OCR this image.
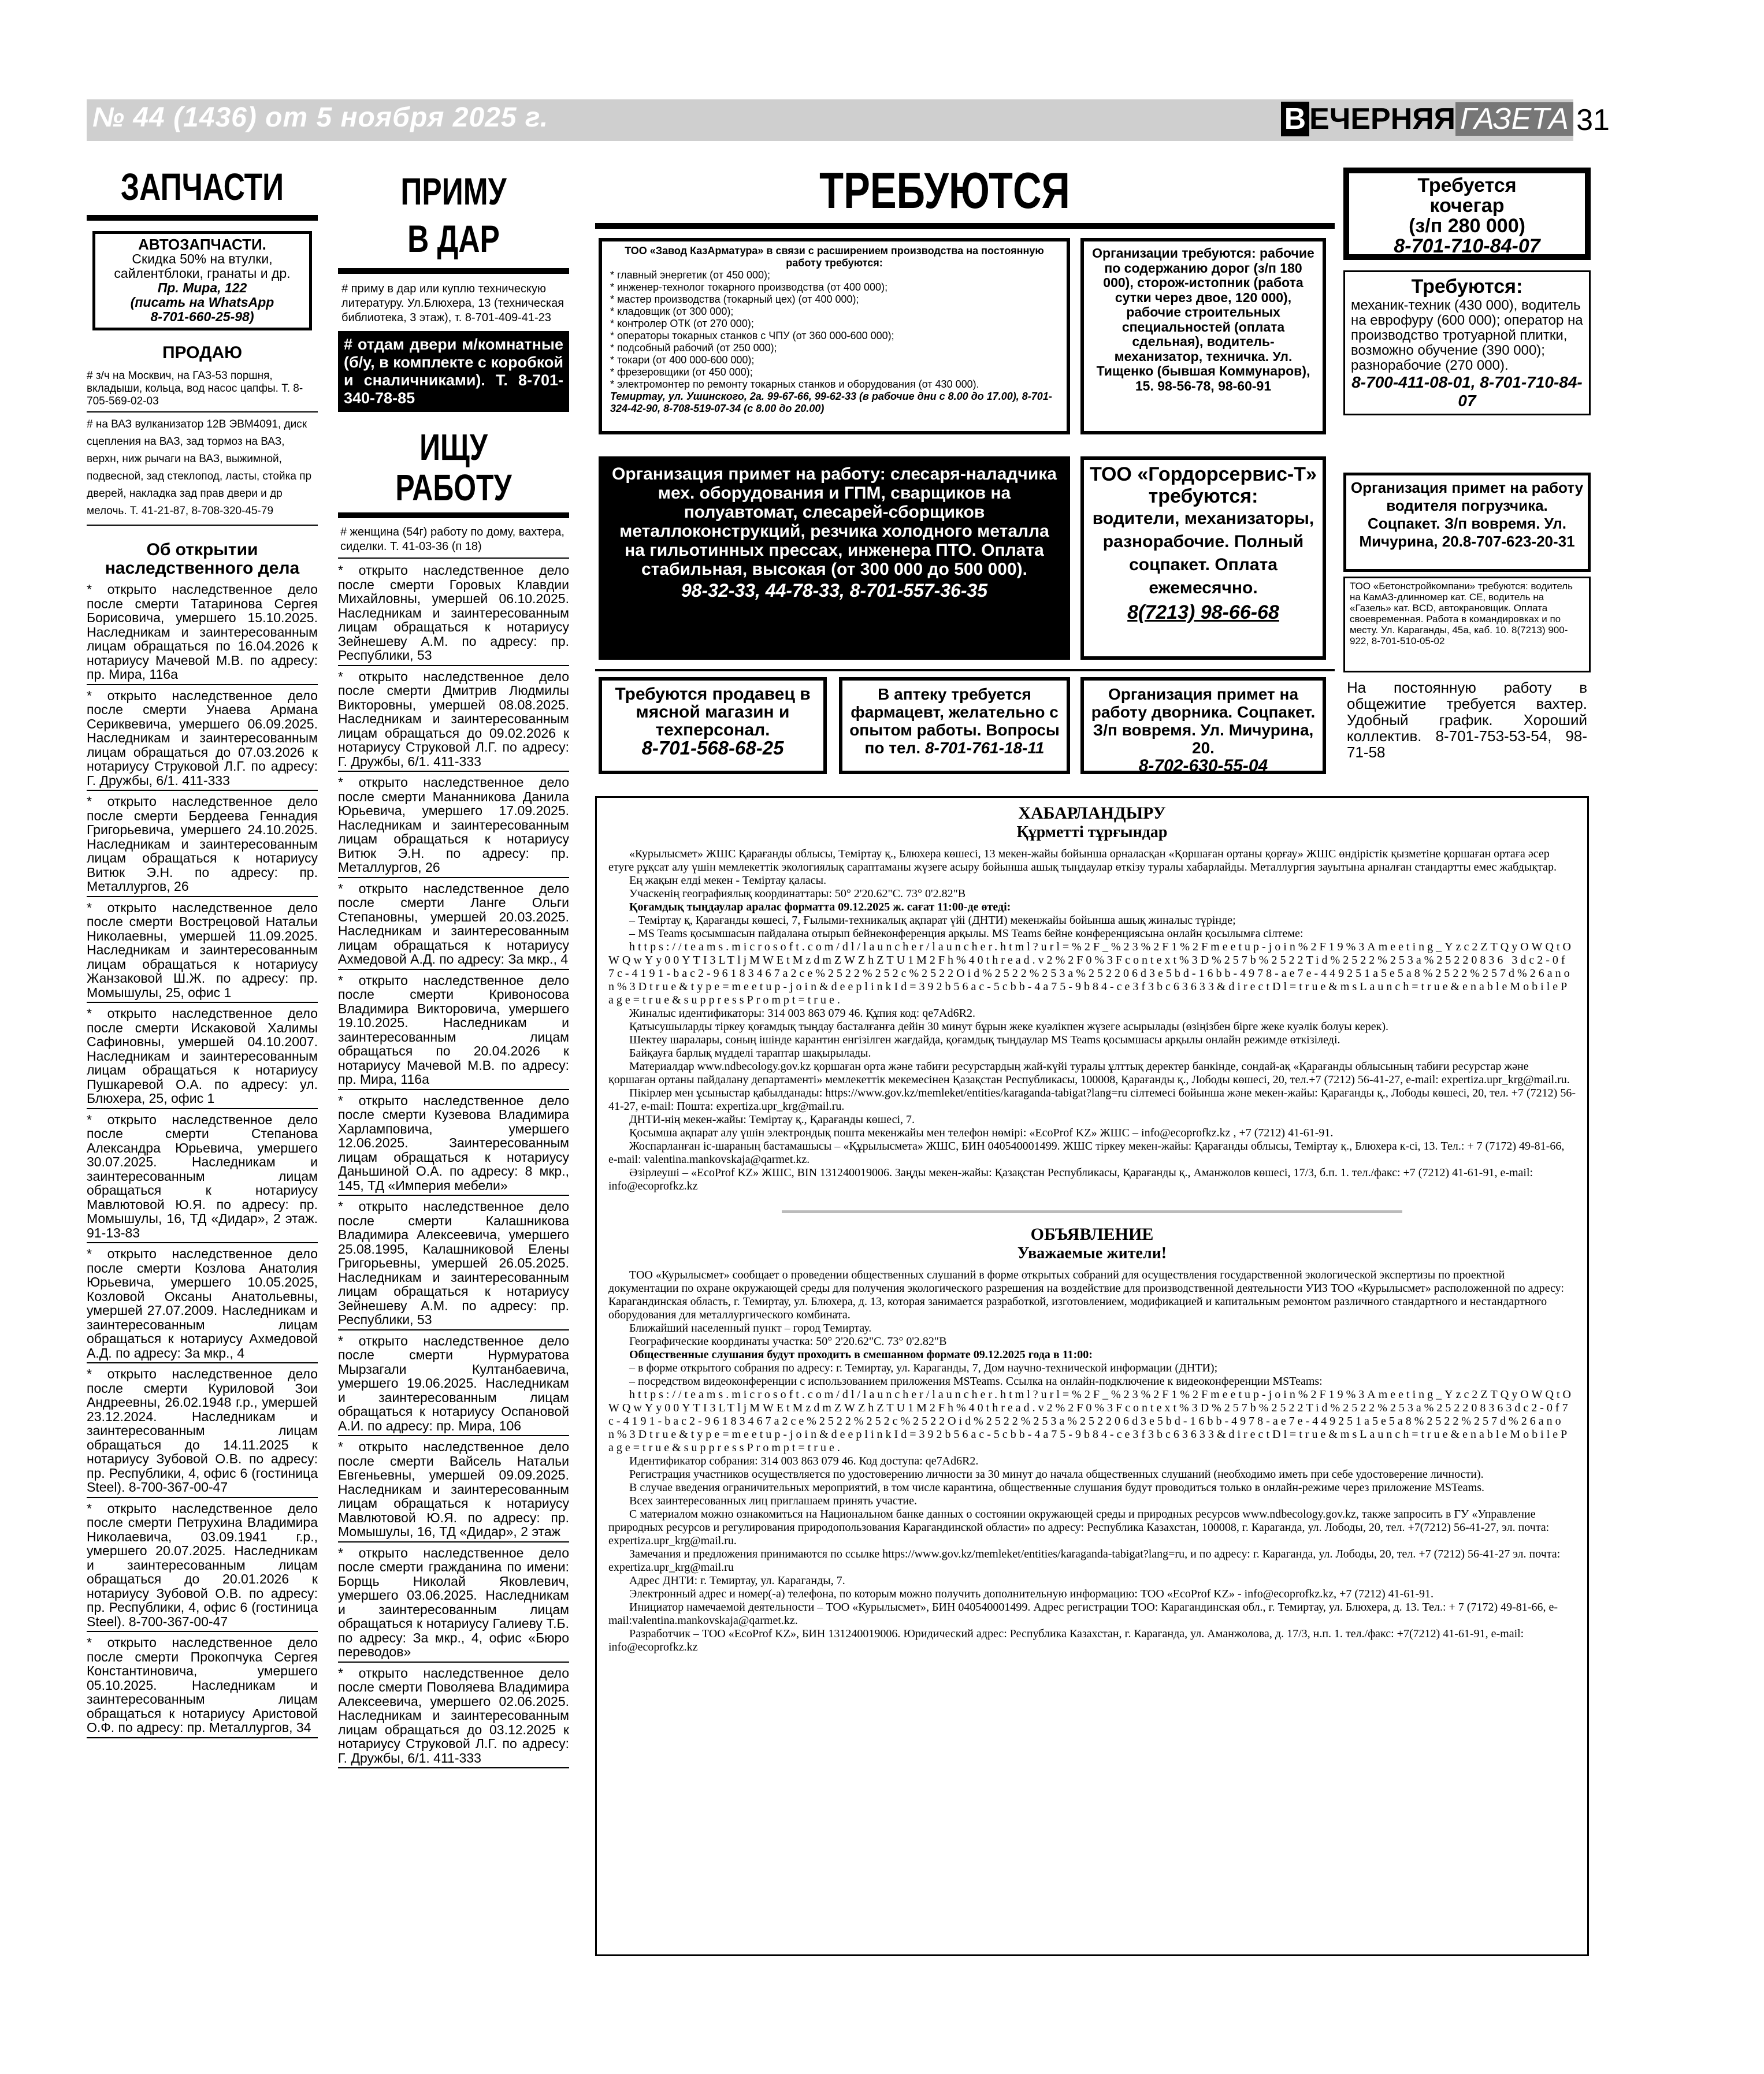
№ 44 (1436) от 5 ноября 2025 г.	В ЕЧЕРНЯЯ ГАЗЕТА 31
ЗАПЧАСТИ
АВТОЗАПЧАСТИ.
Скидка 50% на втулки,
сайлентблоки, гранаты и др.
Пр. Мира, 122
(писать на WhatsApp
8-701-660-25-98)
ПРОДАЮ
# з/ч на Москвич, на ГАЗ-53 поршня, вкладыши, кольца, вод насос цапфы. Т. 8-705-569-02-03
# на ВАЗ вулканизатор 12В ЭВМ4091, диск сцепления на ВАЗ, зад тормоз на ВАЗ, верхн, ниж рычаги на ВАЗ, выжимной, подвесной, зад стеклопод, ласты, стойка пр дверей, накладка зад прав двери и др мелочь. Т. 41-21-87, 8-708-320-45-79
Об открытии наследственного дела
* открыто наследственное дело после смерти Татаринова Сергея Борисовича, умершего 15.10.2025. Наследникам и заинтересованным лицам обращаться по 16.04.2026 к нотариусу Мачевой М.В. по адресу: пр. Мира, 116а
* открыто наследственное дело после смерти Унаева Армана Сериквевича, умершего 06.09.2025. Наследникам и заинтересованным лицам обращаться до 07.03.2026 к нотариусу Струковой Л.Г. по адресу: Г. Дружбы, 6/1. 411-333
* открыто наследственное дело после смерти Бердеева Геннадия Григорьевича, умершего 24.10.2025. Наследникам и заинтересованным лицам обращаться к нотариусу Витюк Э.Н. по адресу: пр. Металлургов, 26
* открыто наследственное дело после смерти Вострецовой Натальи Николаевны, умершей 11.09.2025. Наследникам и заинтересованным лицам обращаться к нотариусу Жанзаковой Ш.Ж. по адресу: пр. Момышулы, 25, офис 1
* открыто наследственное дело после смерти Искаковой Халимы Сафиновны, умершей 04.10.2007. Наследникам и заинтересованным лицам обращаться к нотариусу Пушкаревой О.А. по адресу: ул. Блюхера, 25, офис 1
* открыто наследственное дело после смерти Степанова Александра Юрьевича, умершего 30.07.2025. Наследникам и заинтересованным лицам обращаться к нотариусу Мавлютовой Ю.Я. по адресу: пр. Момышулы, 16, ТД «Дидар», 2 этаж. 91-13-83
* открыто наследственное дело после смерти Козлова Анатолия Юрьевича, умершего 10.05.2025, Козловой Оксаны Анатольевны, умершей 27.07.2009. Наследникам и заинтересованным лицам обращаться к нотариусу Ахмедовой А.Д. по адресу: За мкр., 4
* открыто наследственное дело после смерти Куриловой Зои Андреевны, 26.02.1948 г.р., умершей 23.12.2024. Наследникам и заинтересованным лицам обращаться до 14.11.2025 к нотариусу Зубовой О.В. по адресу: пр. Республики, 4, офис 6 (гостиница Steel). 8-700-367-00-47
* открыто наследственное дело после смерти Петрухина Владимира Николаевича, 03.09.1941 г.р., умершего 20.07.2025. Наследникам и заинтересованным лицам обращаться до 20.01.2026 к нотариусу Зубовой О.В. по адресу: пр. Республики, 4, офис 6 (гостиница Steel). 8-700-367-00-47
* открыто наследственное дело после смерти Прокопчука Сергея Константиновича, умершего 05.10.2025. Наследникам и заинтересованным лицам обращаться к нотариусу Аристовой О.Ф. по адресу: пр. Металлургов, 34
ПРИМУ
В ДАР
# приму в дар или куплю техническую литературу. Ул.Блюхера, 13 (техническая библиотека, 3 этаж), т. 8-701-409-41-23
# отдам двери м/комнатные (б/у, в комплекте с коробкой и сналичниками). Т. 8-701-340-78-85
ИЩУ РАБОТУ
# женщина (54г) работу по дому, вахтера, сиделки. Т. 41-03-36 (п 18)
* открыто наследственное дело после смерти Горовых Клавдии Михайловны, умершей 06.10.2025. Наследникам и заинтересованным лицам обращаться к нотариусу Зейнешеву А.М. по адресу: пр. Республики, 53
* открыто наследственное дело после смерти Дмитрив Людмилы Викторовны, умершей 08.08.2025. Наследникам и заинтересованным лицам обращаться до 09.02.2026 к нотариусу Струковой Л.Г. по адресу: Г. Дружбы, 6/1. 411-333
* открыто наследственное дело после смерти Мананникова Данила Юрьевича, умершего 17.09.2025. Наследникам и заинтересованным лицам обращаться к нотариусу Витюк Э.Н. по адресу: пр. Металлургов, 26
* открыто наследственное дело после смерти Ланге Ольги Степановны, умершей 20.03.2025. Наследникам и заинтересованным лицам обращаться к нотариусу Ахмедовой А.Д. по адресу: За мкр., 4
* открыто наследственное дело после смерти Кривоносова Владимира Викторовича, умершего 19.10.2025. Наследникам и заинтересованным лицам обращаться по 20.04.2026 к нотариусу Мачевой М.В. по адресу: пр. Мира, 116а
* открыто наследственное дело после смерти Кузевова Владимира Харламповича, умершего 12.06.2025. Заинтересованным лицам обращаться к нотариусу Даньшиной О.А. по адресу: 8 мкр., 145, ТД «Империя мебели»
* открыто наследственное дело после смерти Калашникова Владимира Алексеевича, умершего 25.08.1995, Калашниковой Елены Григорьевны, умершей 26.05.2025. Наследникам и заинтересованным лицам обращаться к нотариусу Зейнешеву А.М. по адресу: пр. Республики, 53
* открыто наследственное дело после смерти Нурмуратова Мырзагали Култанбаевича, умершего 19.06.2025. Наследникам и заинтересованным лицам обращаться к нотариусу Оспановой А.И. по адресу: пр. Мира, 106
* открыто наследственное дело после смерти Вайсель Натальи Евгеньевны, умершей 09.09.2025. Наследникам и заинтересованным лицам обращаться к нотариусу Мавлютовой Ю.Я. по адресу: пр. Момышулы, 16, ТД «Дидар», 2 этаж
* открыто наследственное дело после смерти гражданина по имени: Борщь Николай Яковлевич, умершего 03.06.2025. Наследникам и заинтересованным лицам обращаться к нотариусу Галиеву Т.Б. по адресу: За мкр., 4, офис «Бюро переводов»
* открыто наследственное дело после смерти Поволяева Владимира Алексеевича, умершего 02.06.2025. Наследникам и заинтересованным лицам обращаться до 03.12.2025 к нотариусу Струковой Л.Г. по адресу: Г. Дружбы, 6/1. 411-333
ТРЕБУЮТСЯ
ТОО «Завод КазАрматура» в связи с расширением производства на постоянную работу требуются:
* главный энергетик (от 450 000);
* инженер-технолог токарного производства (от 400 000);
* мастер производства (токарный цех) (от 400 000);
* кладовщик (от 300 000);
* контролер ОТК (от 270 000);
* операторы токарных станков с ЧПУ (от 360 000-600 000);
* подсобный рабочий (от 250 000);
* токари (от 400 000-600 000);
* фрезеровщики (от 450 000);
* электромонтер по ремонту токарных станков и оборудования (от 430 000).
Темиртау, ул. Ушинского, 2а. 99-67-66, 99-62-33 (в рабочие дни с 8.00 до 17.00), 8-701-324-42-90, 8-708-519-07-34 (с 8.00 до 20.00)
Организации требуются: рабочие по содержанию дорог (з/п 180 000), сторож-истопник (работа сутки через двое, 120 000), рабочие строительных специальностей (оплата сдельная), водитель-механизатор, техничка. Ул. Тищенко (бывшая Коммунаров), 15. 98-56-78, 98-60-91
Требуется
кочегар
(з/п 280 000)
8-701-710-84-07
Требуются:
механик-техник (430 000), водитель на еврофуру (600 000); оператор на производство тротуарной плитки, возможно обучение (390 000); разнорабочие (270 000).
8-700-411-08-01, 8-701-710-84-07
Организация примет на работу водителя погрузчика. Соцпакет. З/п вовремя. Ул. Мичурина, 20.8-707-623-20-31
ТОО «Бетонстройкомпани» требуются: водитель на КамАЗ-длинномер кат. СЕ, водитель на «Газель» кат. BCD, автокрановщик. Оплата своевременная. Работа в командировках и по месту. Ул. Караганды, 45а, каб. 10. 8(7213) 900-922, 8-701-510-05-02
Организация примет на работу: слесаря-наладчика мех. оборудования и ГПМ, сварщиков на полуавтомат, слесарей-сборщиков металлоконструкций, резчика холодного металла на гильотинных прессах, инженера ПТО. Оплата стабильная, высокая (от 300 000 до 500 000).
98-32-33, 44-78-33, 8-701-557-36-35
ТОО «Гордорсервис-Т» требуются:
водители, механизаторы, разнорабочие. Полный соцпакет. Оплата ежемесячно.
8(7213) 98-66-68
Требуются продавец в мясной магазин и техперсонал.
8-701-568-68-25
В аптеку требуется фармацевт, желательно с опытом работы. Вопросы по тел. 8-701-761-18-11
Организация примет на работу дворника. Соцпакет. З/п вовремя. Ул. Мичурина, 20.
8-702-630-55-04
На постоянную работу в общежитие требуется вахтер. Удобный график. Хороший коллектив. 8-701-753-53-54, 98-71-58
ХАБАРЛАНДЫРУ
Құрметті тұрғындар

«Курылысмет» ЖШС Қарағанды облысы, Теміртау қ., Блюхера көшесі, 13 мекен-жайы бойынша орналасқан «Қоршаған ортаны қорғау» ЖШС өндірістік қызметіне қоршаған ортаға әсер етуге рұқсат алу үшін мемлекеттік экологиялық сараптаманы жүзеге асыру бойынша ашық тыңдаулар өткізу туралы хабарлайды. Металлургия зауытына арналған стандартты емес жабдықтар.

Ең жақын елді мекен - Теміртау қаласы.

Учаскенің географиялық координаттары: 50° 2'20.62"С. 73° 0'2.82"В

Қоғамдық тыңдаулар аралас форматта 09.12.2025 ж. сағат 11:00-де өтеді:

– Теміртау қ, Қарағанды көшесі, 7, Ғылыми-техникалық ақпарат үйі (ДНТИ) мекенжайы бойынша ашық жиналыс түрінде;

– MS Teams қосымшасын пайдалана отырып бейнеконференция арқылы. MS Teams бейне конференциясына онлайн қосылымға сілтеме:

https://teams.microsoft.com/dl/launcher/launcher.html?url=%2F_%23%2F1%2Fmeetup-join%2F19%3Ameeting_Yzc2ZTQyOWQtOWQwYy00YTI3LTljMWEtMzdmZWZhZTU1M2Fh%40thread.v2%2F0%3Fcontext%3D%257b%2522Tid%2522%253a%25220836 3dc2-0f7c-4191-bac2-96183467a2ce%2522%252c%2522Oid%2522%253a%252206d3e5bd-16bb-4978-ae7e-449251a5e5a8%2522%257d%26anon%3Dtrue&type=meetup-join&deeplinkId=392b56ac-5cbb-4a75-9b84-ce3f3bc63633&directDl=true&msLaunch=true&enableMobilePage=true&suppressPrompt=true.

Жиналыс идентификаторы: 314 003 863 079 46. Құпия код: qe7Ad6R2.

Қатысушыларды тіркеу қоғамдық тыңдау басталғанға дейін 30 минут бұрын жеке куәлікпен жүзеге асырылады (өзіңізбен бірге жеке куәлік болуы керек).

Шектеу шаралары, соның ішінде карантин енгізілген жағдайда, қоғамдық тыңдаулар MS Teams қосымшасы арқылы онлайн режимде өткізіледі.

Байқауға барлық мүдделі тараптар шақырылады.

Материалдар www.ndbecology.gov.kz қоршаған орта және табиғи ресурстардың жай-күйі туралы ұлттық деректер банкінде, сондай-ақ «Қарағанды облысының табиғи ресурстар және қоршаған ортаны пайдалану департаменті» мемлекеттік мекемесінен Қазақстан Республикасы, 100008, Қарағанды қ., Лободы көшесі, 20, тел.+7 (7212) 56-41-27, e-mail: expertiza.upr_krg@mail.ru.

Пікірлер мен ұсыныстар қабылданады: https://www.gov.kz/memleket/entities/karaganda-tabigat?lang=ru сілтемесі бойынша және мекен-жайы: Қарағанды қ., Лободы көшесі, 20, тел. +7 (7212) 56-41-27, e-mail: Пошта: expertiza.upr_krg@mail.ru.

ДНТИ-нің мекен-жайы: Теміртау қ., Қарағанды көшесі, 7.

Қосымша ақпарат алу үшін электрондық пошта мекенжайы мен телефон нөмірі: «EcoProf KZ» ЖШС – info@ecoprofkz.kz , +7 (7212) 41-61-91.

Жоспарланған іс-шараның бастамашысы – «Құрылысмета» ЖШС, БИН 040540001499. ЖШС тіркеу мекен-жайы: Қарағанды облысы, Теміртау қ., Блюхера к-сі, 13. Тел.: + 7 (7172) 49-81-66, e-mail: valentina.mankovskaja@qarmet.kz.

Әзірлеуші – «EcoProf KZ» ЖШС, BIN 131240019006. Заңды мекен-жайы: Қазақстан Республикасы, Қарағанды қ., Аманжолов көшесі, 17/3, б.п. 1. тел./факс: +7 (7212) 41-61-91, e-mail: info@ecoprofkz.kz

ОБЪЯВЛЕНИЕ
Уважаемые жители!

ТОО «Курылысмет» сообщает о проведении общественных слушаний в форме открытых собраний для осуществления государственной экологической экспертизы по проектной документации по охране окружающей среды для получения экологического разрешения на воздействие для производственной деятельности УИЗ ТОО «Курылысмет» расположенной по адресу: Карагандинская область, г. Темиртау, ул. Блюхера, д. 13, которая занимается разработкой, изготовлением, модификацией и капитальным ремонтом различного стандартного и нестандартного оборудования для металлургического комбината.

Ближайший населенный пункт – город Темиртау.

Географические координаты участка: 50° 2'20.62"С. 73° 0'2.82"В

Общественные слушания будут проходить в смешанном формате 09.12.2025 года в 11:00:

– в форме открытого собрания по адресу: г. Темиртау, ул. Караганды, 7, Дом научно-технической информации (ДНТИ);

– посредством видеоконференции с использованием приложения MSTeams. Ссылка на онлайн-подключение к видеоконференции MSTeams:

https://teams.microsoft.com/dl/launcher/launcher.html?url=%2F_%23%2F1%2Fmeetup-join%2F19%3Ameeting_Yzc2ZTQyOWQtOWQwYy00YTI3LTljMWEtMzdmZWZhZTU1M2Fh%40thread.v2%2F0%3Fcontext%3D%257b%2522Tid%2522%253a%252208363dc2-0f7c-4191-bac2-96183467a2ce%2522%252c%2522Oid%2522%253a%252206d3e5bd-16bb-4978-ae7e-449251a5e5a8%2522%257d%26anon%3Dtrue&type=meetup-join&deeplinkId=392b56ac-5cbb-4a75-9b84-ce3f3bc63633&directDl=true&msLaunch=true&enableMobilePage=true&suppressPrompt=true.

Идентификатор собрания: 314 003 863 079 46. Код доступа: qe7Ad6R2.

Регистрация участников осуществляется по удостоверению личности за 30 минут до начала общественных слушаний (необходимо иметь при себе удостоверение личности).

В случае введения ограничительных мероприятий, в том числе карантина, общественные слушания будут проводиться только в онлайн-режиме через приложение MSTeams.

Всех заинтересованных лиц приглашаем принять участие.

С материалом можно ознакомиться на Национальном банке данных о состоянии окружающей среды и природных ресурсов www.ndbecology.gov.kz, также запросить в ГУ «Управление природных ресурсов и регулирования природопользования Карагандинской области» по адресу: Республика Казахстан, 100008, г. Караганда, ул. Лободы, 20, тел. +7(7212) 56-41-27, эл. почта: expertiza.upr_krg@mail.ru.

Замечания и предложения принимаются по ссылке https://www.gov.kz/memleket/entities/karaganda-tabigat?lang=ru, и по адресу: г. Караганда, ул. Лободы, 20, тел. +7 (7212) 56-41-27 эл. почта: expertiza.upr_krg@mail.ru

Адрес ДНТИ: г. Темиртау, ул. Караганды, 7.

Электронный адрес и номер(-а) телефона, по которым можно получить дополнительную информацию: ТОО «EcoProf KZ» - info@ecoprofkz.kz, +7 (7212) 41-61-91.

Инициатор намечаемой деятельности – ТОО «Курылысмет», БИН 040540001499. Адрес регистрации ТОО: Карагандинская обл., г. Темиртау, ул. Блюхера, д. 13. Тел.: + 7 (7172) 49-81-66, e-mail:valentina.mankovskaja@qarmet.kz.

Разработчик – ТОО «EcoProf KZ», БИН 131240019006. Юридический адрес: Республика Казахстан, г. Караганда, ул. Аманжолова, д. 17/3, н.п. 1. тел./факс: +7(7212) 41-61-91, e-mail: info@ecoprofkz.kz
